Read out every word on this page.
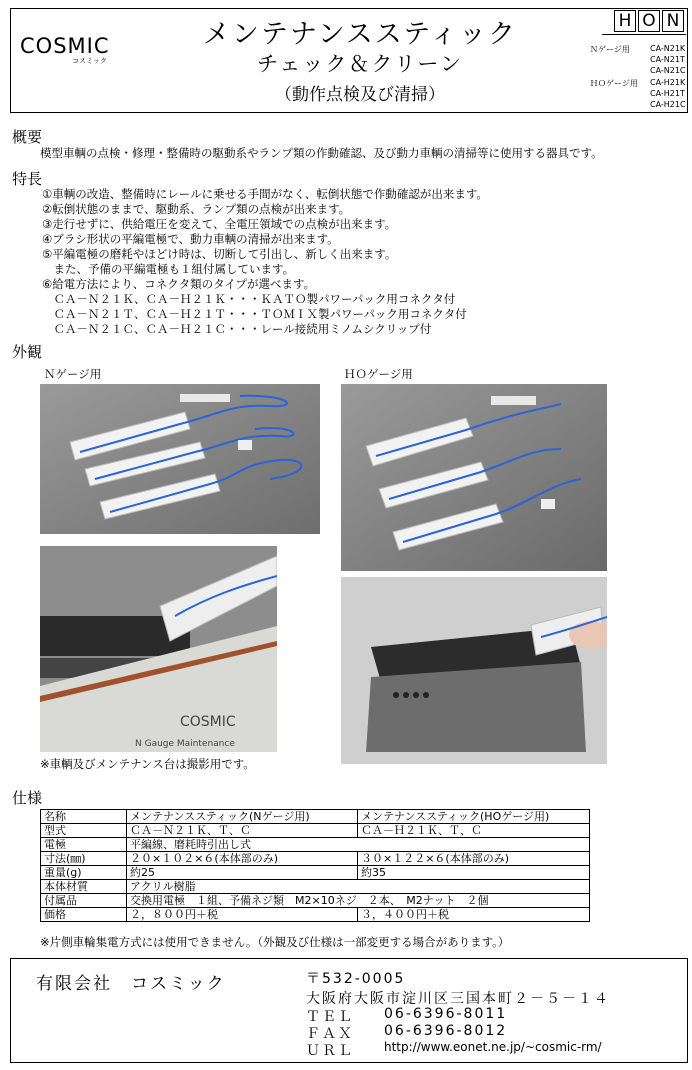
COSMIC
コスミック
メンテナンススティック
チェック＆クリーン
（動作点検及び清掃）
H O N
Ｎゲージ用	CA-N21K
CA-N21T
CA-N21C
ＨＯゲージ用 CA-H21K
CA-H21T
CA-H21C
概要
模型車輌の点検・修理・整備時の駆動系やランプ類の作動確認、及び動力車輌の清掃等に使用する器具です。
特長
①車輌の改造、整備時にレールに乗せる手間がなく、転倒状態で作動確認が出来ます。
②転倒状態のままで、駆動系、ランプ類の点検が出来ます。
③走行せずに、供給電圧を変えて、全電圧領域での点検が出来ます。
④ブラシ形状の平編電極で、動力車輌の清掃が出来ます。
⑤平編電極の磨耗やほどけ時は、切断して引出し、新しく出来ます。
　また、予備の平編電極も１組付属しています。
⑥給電方法により、コネクタ類のタイプが選べます。
　ＣＡ－Ｎ２１Ｋ、ＣＡ－Ｈ２１Ｋ・・・ＫＡＴＯ製パワーパック用コネクタ付
　ＣＡ－Ｎ２１Ｔ、ＣＡ－Ｈ２１Ｔ・・・ＴＯＭＩＸ製パワーパック用コネクタ付
　ＣＡ－Ｎ２１Ｃ、ＣＡ－Ｈ２１Ｃ・・・レール接続用ミノムシクリップ付
外観
Ｎゲージ用	ＨＯゲージ用
COSMIC
N Gauge Maintenance
※車輌及びメンテナンス台は撮影用です。
仕様
名称	メンテナンススティック(Nゲージ用)	メンテナンススティック(HOゲージ用)
型式	ＣＡ－Ｎ２１Ｋ、Ｔ、Ｃ	ＣＡ－Ｈ２１Ｋ、Ｔ、Ｃ
電極	平編線、磨耗時引出し式	
寸法(㎜)	２０×１０２×６(本体部のみ)	３０×１２２×６(本体部のみ)
重量(g)	約25	約35
本体材質	アクリル樹脂	
付属品	交換用電極　１組、予備ネジ類　M2×10ネジ　２本、　M2ナット　２個	
価格	２，８００円＋税	３，４００円＋税
※片側車輪集電方式には使用できません。（外観及び仕様は一部変更する場合があります。）
有限会社　コスミック	〒532-0005
大阪府大阪市淀川区三国本町２－５－１４
ＴＥＬ 06-6396-8011
ＦＡＸ 06-6396-8012
ＵＲＬ	http://www.eonet.ne.jp/~cosmic-rm/
